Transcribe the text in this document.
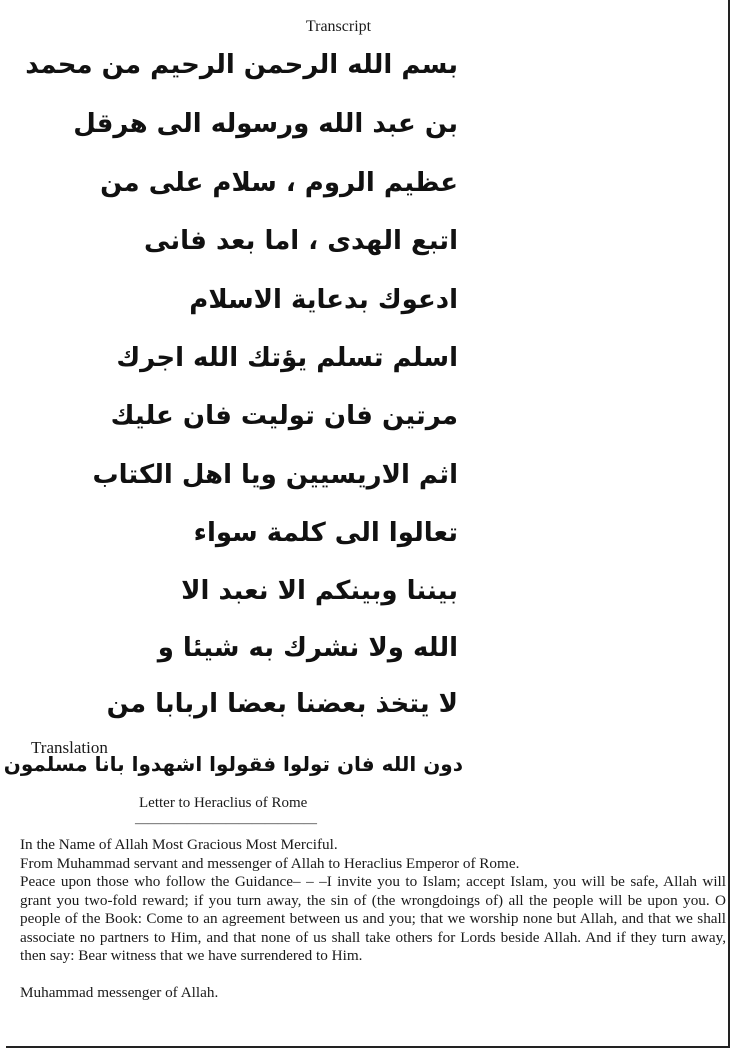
Transcript
بسم الله الرحمن الرحيم من محمد
بن عبد الله ورسوله الى هرقل
عظيم الروم ، سلام على من
اتبع الهدى ، اما بعد فانى
ادعوك بدعاية الاسلام
اسلم تسلم يؤتك الله اجرك
مرتين فان توليت فان عليك
اثم الاريسيين ويا اهل الكتاب
تعالوا الى كلمة سواء
بيننا وبينكم الا نعبد الا
الله ولا نشرك به شيئا و
لا يتخذ بعضنا بعضا اربابا من
دون الله فان تولوا فقولوا اشهدوا بانا مسلمون
Translation
Letter to Heraclius of Rome
——————————————

In the Name of Allah Most Gracious Most Merciful.

From Muhammad servant and messenger of Allah to Heraclius Emperor of Rome.

Peace upon those who follow the Guidance– – –I invite you to Islam; accept Islam, you will be safe, Allah will grant you two-fold reward; if you turn away, the sin of (the wrongdoings of) all the people will be upon you. O people of the Book: Come to an agreement between us and you; that we worship none but Allah, and that we shall associate no partners to Him, and that none of us shall take others for Lords beside Allah. And if they turn away, then say: Bear witness that we have surrendered to Him.

Muhammad messenger of Allah.
